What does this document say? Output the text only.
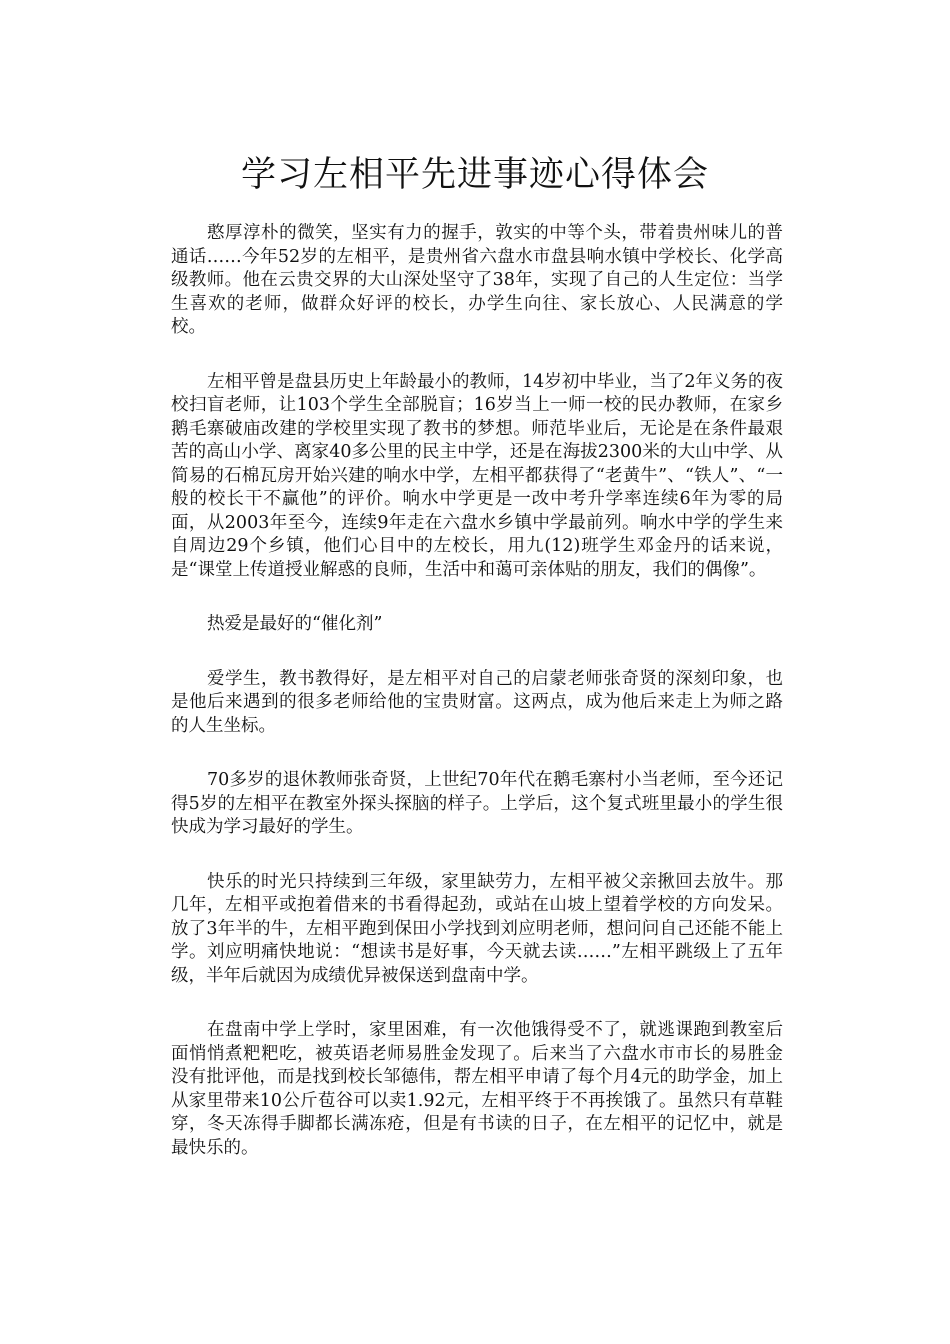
学习左相平先进事迹心得体会

憨厚淳朴的微笑，坚实有力的握手，敦实的中等个头，带着贵州味儿的普通话……今年52岁的左相平，是贵州省六盘水市盘县响水镇中学校长、化学高级教师。他在云贵交界的大山深处坚守了38年，实现了自己的人生定位：当学生喜欢的老师，做群众好评的校长，办学生向往、家长放心、人民满意的学校。

左相平曾是盘县历史上年龄最小的教师，14岁初中毕业，当了2年义务的夜校扫盲老师，让103个学生全部脱盲；16岁当上一师一校的民办教师，在家乡鹅毛寨破庙改建的学校里实现了教书的梦想。师范毕业后，无论是在条件最艰苦的高山小学、离家40多公里的民主中学，还是在海拔2300米的大山中学、从简易的石棉瓦房开始兴建的响水中学，左相平都获得了“老黄牛”、“铁人”、“一般的校长干不赢他”的评价。响水中学更是一改中考升学率连续6年为零的局面，从2003年至今，连续9年走在六盘水乡镇中学最前列。响水中学的学生来自周边29个乡镇，他们心目中的左校长，用九(12)班学生邓金丹的话来说，是“课堂上传道授业解惑的良师，生活中和蔼可亲体贴的朋友，我们的偶像”。

热爱是最好的“催化剂”

爱学生，教书教得好，是左相平对自己的启蒙老师张奇贤的深刻印象，也是他后来遇到的很多老师给他的宝贵财富。这两点，成为他后来走上为师之路的人生坐标。

70多岁的退休教师张奇贤，上世纪70年代在鹅毛寨村小当老师，至今还记得5岁的左相平在教室外探头探脑的样子。上学后，这个复式班里最小的学生很快成为学习最好的学生。

快乐的时光只持续到三年级，家里缺劳力，左相平被父亲揪回去放牛。那几年，左相平或抱着借来的书看得起劲，或站在山坡上望着学校的方向发呆。放了3年半的牛，左相平跑到保田小学找到刘应明老师，想问问自己还能不能上学。刘应明痛快地说：“想读书是好事，今天就去读……”左相平跳级上了五年级，半年后就因为成绩优异被保送到盘南中学。

在盘南中学上学时，家里困难，有一次他饿得受不了，就逃课跑到教室后面悄悄煮粑粑吃，被英语老师易胜金发现了。后来当了六盘水市市长的易胜金没有批评他，而是找到校长邹德伟，帮左相平申请了每个月4元的助学金，加上从家里带来10公斤苞谷可以卖1.92元，左相平终于不再挨饿了。虽然只有草鞋穿，冬天冻得手脚都长满冻疮，但是有书读的日子，在左相平的记忆中，就是最快乐的。
